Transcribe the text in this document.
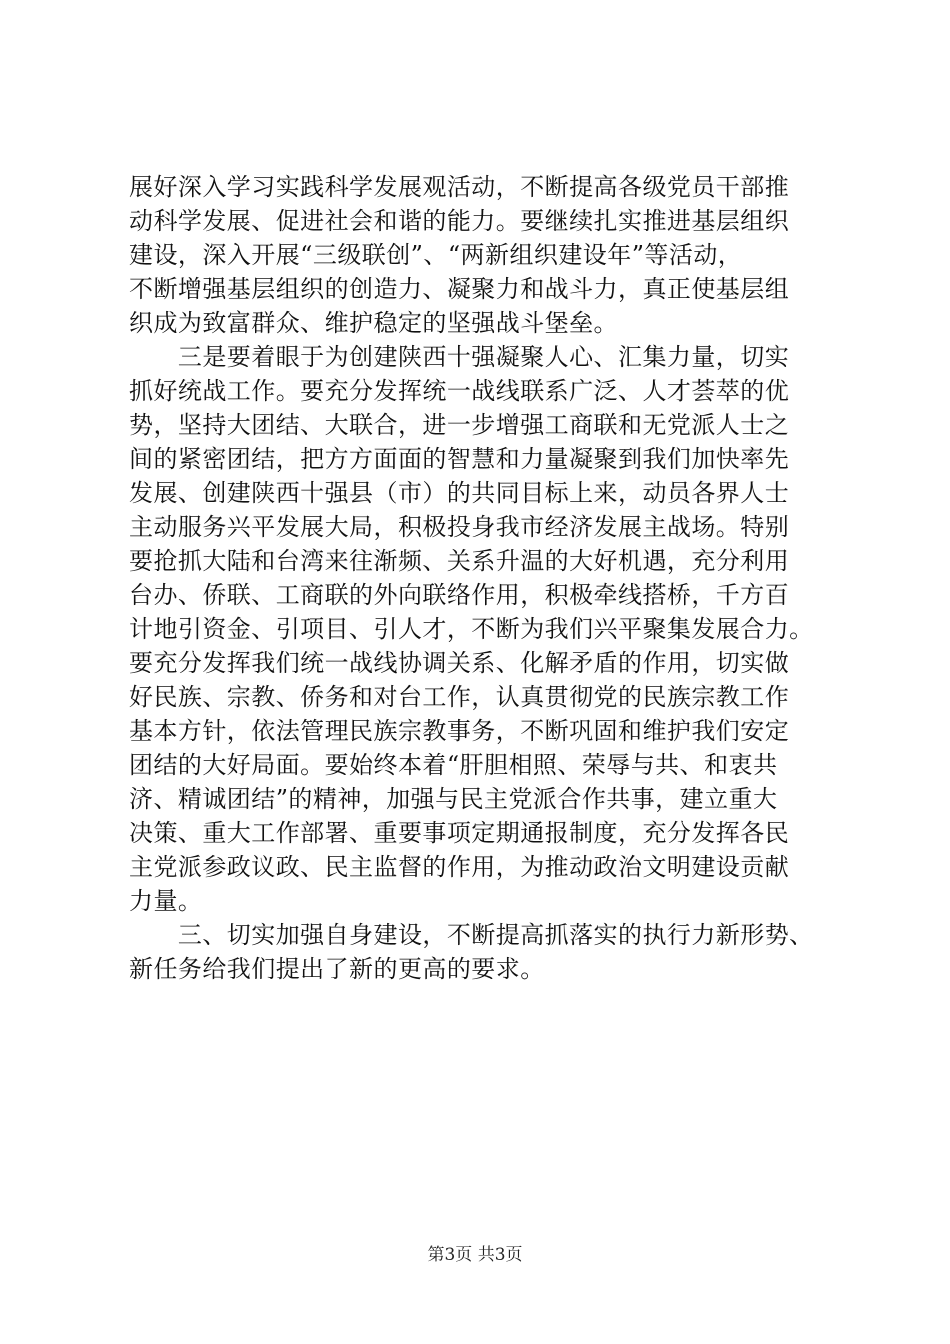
展好深入学习实践科学发展观活动，不断提高各级党员干部推
动科学发展、促进社会和谐的能力。要继续扎实推进基层组织
建设，深入开展“三级联创”、“两新组织建设年”等活动，
不断增强基层组织的创造力、凝聚力和战斗力，真正使基层组
织成为致富群众、维护稳定的坚强战斗堡垒。
　　三是要着眼于为创建陕西十强凝聚人心、汇集力量，切实
抓好统战工作。要充分发挥统一战线联系广泛、人才荟萃的优
势，坚持大团结、大联合，进一步增强工商联和无党派人士之
间的紧密团结，把方方面面的智慧和力量凝聚到我们加快率先
发展、创建陕西十强县（市）的共同目标上来，动员各界人士
主动服务兴平发展大局，积极投身我市经济发展主战场。特别
要抢抓大陆和台湾来往渐频、关系升温的大好机遇，充分利用
台办、侨联、工商联的外向联络作用，积极牵线搭桥，千方百
计地引资金、引项目、引人才，不断为我们兴平聚集发展合力。
要充分发挥我们统一战线协调关系、化解矛盾的作用，切实做
好民族、宗教、侨务和对台工作，认真贯彻党的民族宗教工作
基本方针，依法管理民族宗教事务，不断巩固和维护我们安定
团结的大好局面。要始终本着“肝胆相照、荣辱与共、和衷共
济、精诚团结”的精神，加强与民主党派合作共事，建立重大
决策、重大工作部署、重要事项定期通报制度，充分发挥各民
主党派参政议政、民主监督的作用，为推动政治文明建设贡献
力量。
　　三、切实加强自身建设，不断提高抓落实的执行力新形势、
新任务给我们提出了新的更高的要求。
第3页 共3页
